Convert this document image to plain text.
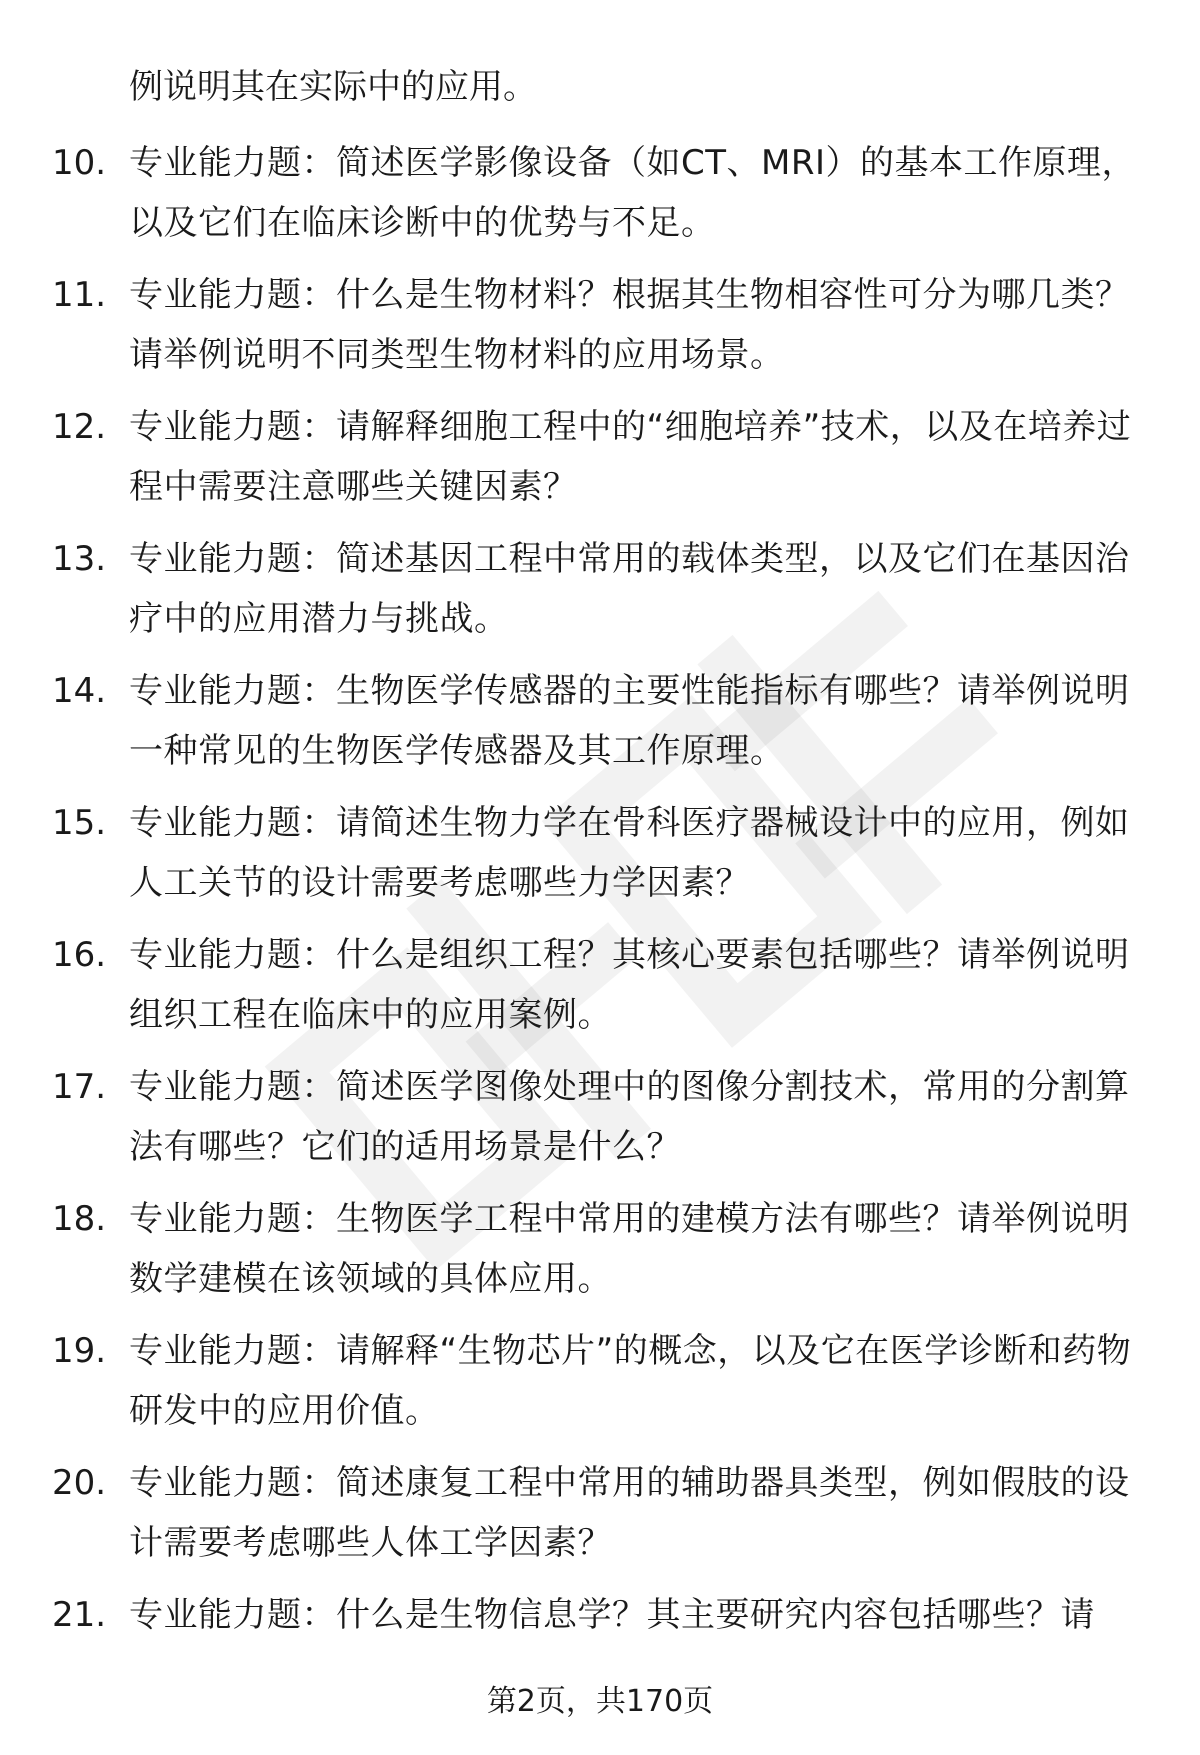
例说明其在实际中的应用。
10. 专业能力题：简述医学影像设备（如CT、MRI）的基本工作原理，以及它们在临床诊断中的优势与不足。
11. 专业能力题：什么是生物材料？根据其生物相容性可分为哪几类？请举例说明不同类型生物材料的应用场景。
12. 专业能力题：请解释细胞工程中的“细胞培养”技术，以及在培养过程中需要注意哪些关键因素？
13. 专业能力题：简述基因工程中常用的载体类型，以及它们在基因治疗中的应用潜力与挑战。
14. 专业能力题：生物医学传感器的主要性能指标有哪些？请举例说明一种常见的生物医学传感器及其工作原理。
15. 专业能力题：请简述生物力学在骨科医疗器械设计中的应用，例如人工关节的设计需要考虑哪些力学因素？
16. 专业能力题：什么是组织工程？其核心要素包括哪些？请举例说明组织工程在临床中的应用案例。
17. 专业能力题：简述医学图像处理中的图像分割技术，常用的分割算法有哪些？它们的适用场景是什么？
18. 专业能力题：生物医学工程中常用的建模方法有哪些？请举例说明数学建模在该领域的具体应用。
19. 专业能力题：请解释“生物芯片”的概念，以及它在医学诊断和药物研发中的应用价值。
20. 专业能力题：简述康复工程中常用的辅助器具类型，例如假肢的设计需要考虑哪些人体工学因素？
21. 专业能力题：什么是生物信息学？其主要研究内容包括哪些？请
第2页，共170页
